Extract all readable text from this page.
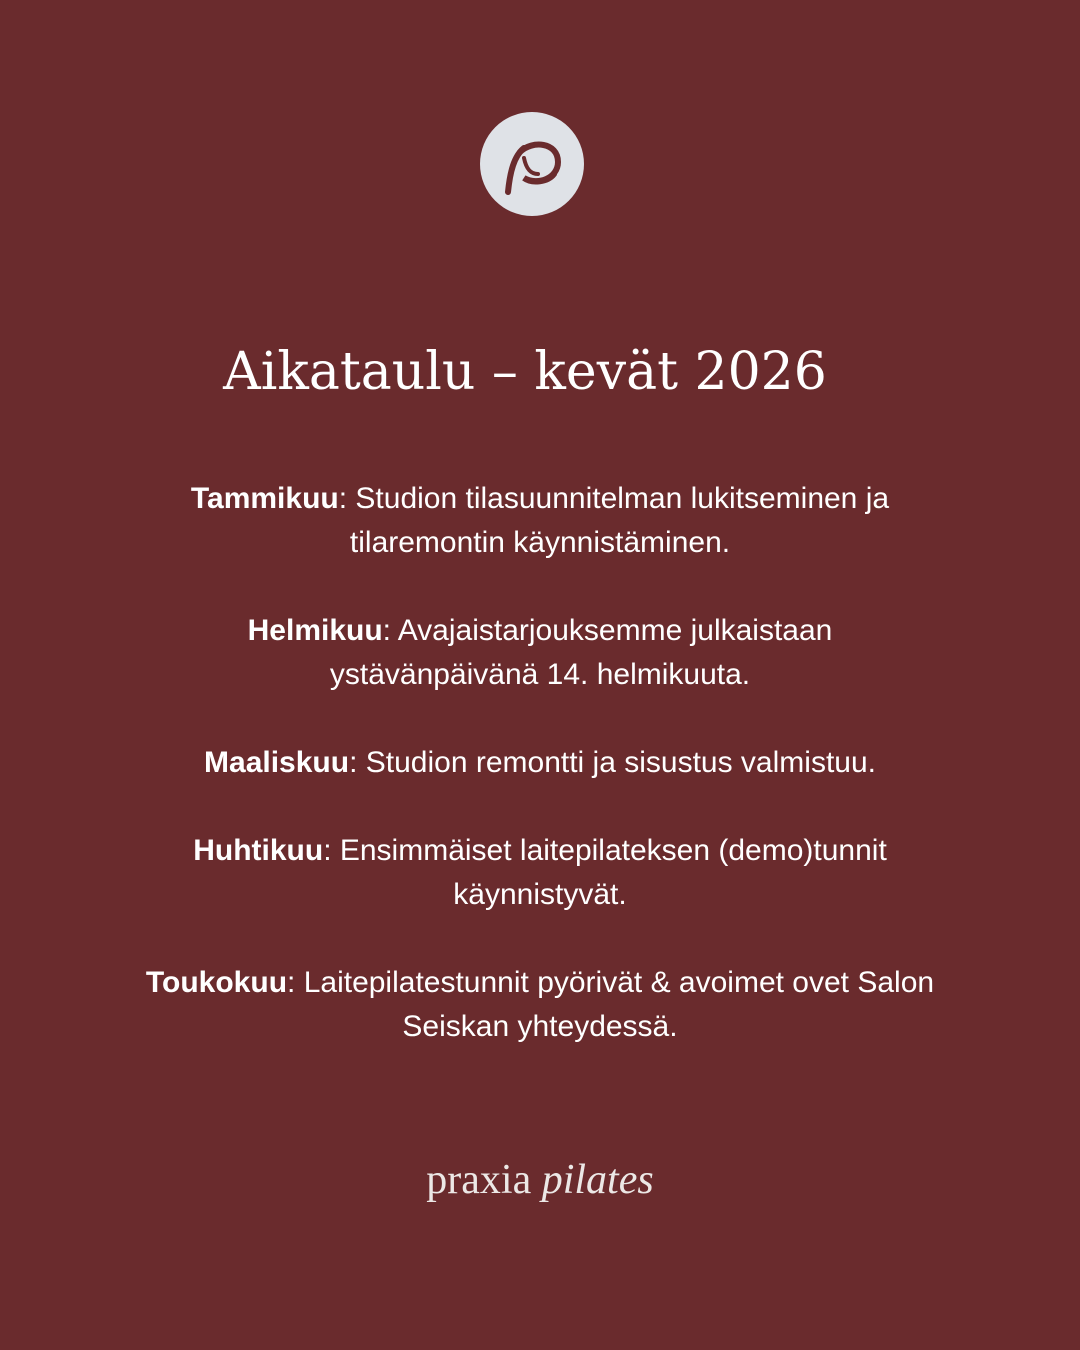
Aikataulu – kevät 2026

Tammikuu: Studion tilasuunnitelman lukitseminen ja tilaremontin käynnistäminen.

Helmikuu: Avajaistarjouksemme julkaistaan ystävänpäivänä 14. helmikuuta.

Maaliskuu: Studion remontti ja sisustus valmistuu.

Huhtikuu: Ensimmäiset laitepilateksen (demo)tunnit käynnistyvät.

Toukokuu: Laitepilatestunnit pyörivät & avoimet ovet Salon Seiskan yhteydessä.

praxia pilates
